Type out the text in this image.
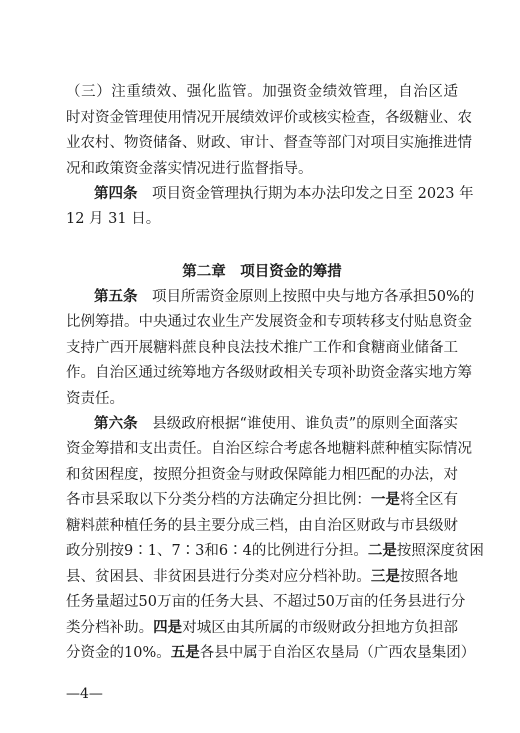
（三）注重绩效、强化监管。加强资金绩效管理，自治区适
时对资金管理使用情况开展绩效评价或核实检查，各级糖业、农
业农村、物资储备、财政、审计、督查等部门对项目实施推进情
况和政策资金落实情况进行监督指导。
第四条　 项目资金管理执行期为本办法印发之日至 2023 年
12 月 31 日。
第二章　项目资金的筹措
第五条　 项目所需资金原则上按照中央与地方各承担50%的
比例筹措。中央通过农业生产发展资金和专项转移支付贴息资金
支持广西开展糖料蔗良种良法技术推广工作和食糖商业储备工
作。自治区通过统筹地方各级财政相关专项补助资金落实地方筹
资责任。
第六条　 县级政府根据“谁使用、谁负责”的原则全面落实
资金筹措和支出责任。自治区综合考虑各地糖料蔗种植实际情况
和贫困程度，按照分担资金与财政保障能力相匹配的办法，对
各市县采取以下分类分档的方法确定分担比例：一是将全区有
糖料蔗种植任务的县主要分成三档，由自治区财政与市县级财
政分别按9∶1、7∶3和6∶4的比例进行分担。二是按照深度贫困
县、贫困县、非贫困县进行分类对应分档补助。三是按照各地
任务量超过50万亩的任务大县、不超过50万亩的任务县进行分
类分档补助。四是对城区由其所属的市级财政分担地方负担部
分资金的10%。五是各县中属于自治区农垦局（广西农垦集团）
—4—
